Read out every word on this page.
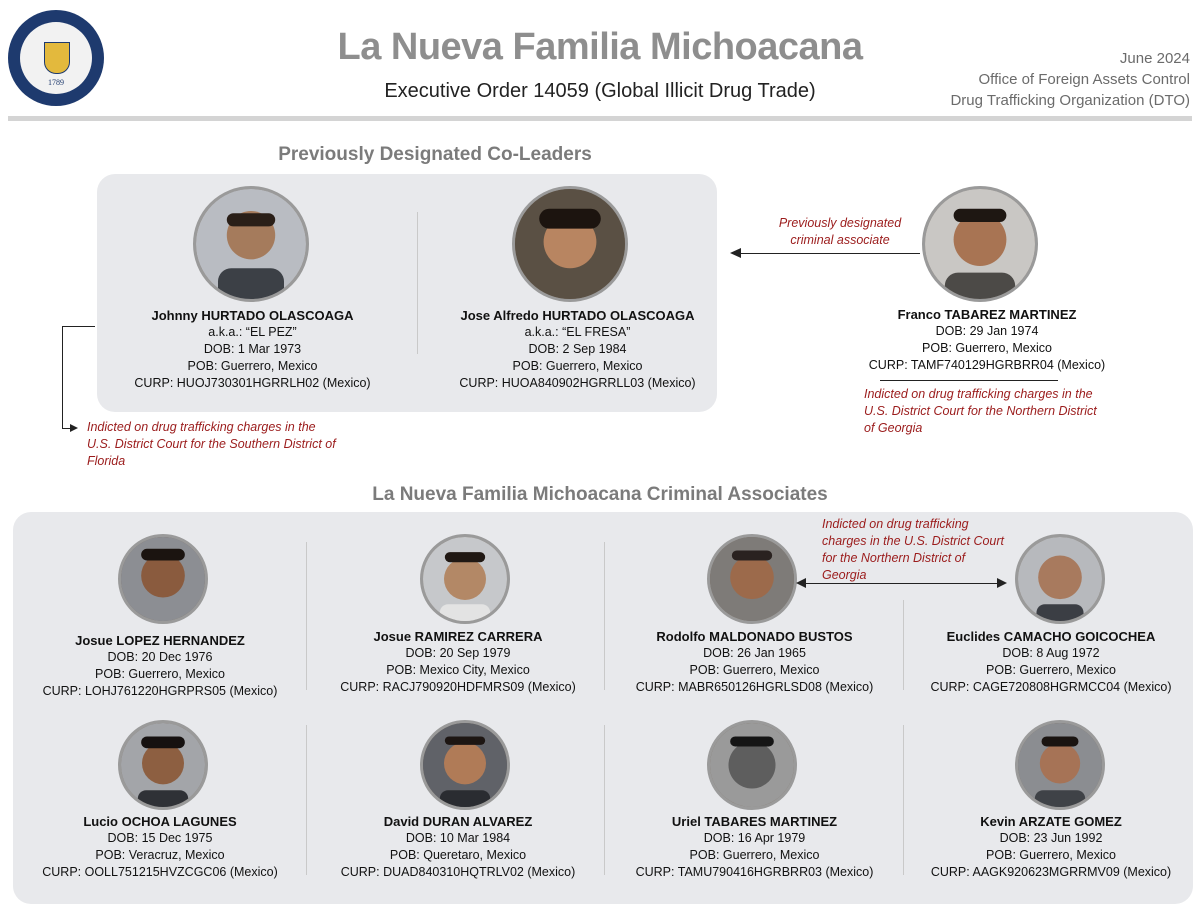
1789
La Nueva Familia Michoacana
Executive Order 14059 (Global Illicit Drug Trade)
June 2024
Office of Foreign Assets Control
Drug Trafficking Organization (DTO)
Previously Designated Co-Leaders
Johnny HURTADO OLASCOAGA
a.k.a.: “EL PEZ”
DOB: 1 Mar 1973
POB: Guerrero, Mexico
CURP: HUOJ730301HGRRLH02 (Mexico)
Jose Alfredo HURTADO OLASCOAGA
a.k.a.: “EL FRESA”
DOB: 2 Sep 1984
POB: Guerrero, Mexico
CURP: HUOA840902HGRRLL03 (Mexico)
Previously designated
criminal associate
Franco TABAREZ MARTINEZ
DOB: 29 Jan 1974
POB: Guerrero, Mexico
CURP: TAMF740129HGRBRR04 (Mexico)
Indicted on drug trafficking charges in the
U.S. District Court for the Northern District
of Georgia
Indicted on drug trafficking charges in the
U.S. District Court for the Southern District of
Florida
La Nueva Familia Michoacana Criminal Associates
Indicted on drug trafficking
charges in the U.S. District Court
for the Northern District of
Georgia
Josue LOPEZ HERNANDEZ
DOB: 20 Dec 1976
POB: Guerrero, Mexico
CURP: LOHJ761220HGRPRS05 (Mexico)
Josue RAMIREZ CARRERA
DOB: 20 Sep 1979
POB: Mexico City, Mexico
CURP: RACJ790920HDFMRS09 (Mexico)
Rodolfo MALDONADO BUSTOS
DOB: 26 Jan 1965
POB: Guerrero, Mexico
CURP: MABR650126HGRLSD08 (Mexico)
Euclides CAMACHO GOICOCHEA
DOB: 8 Aug 1972
POB: Guerrero, Mexico
CURP: CAGE720808HGRMCC04 (Mexico)
Lucio OCHOA LAGUNES
DOB: 15 Dec 1975
POB: Veracruz, Mexico
CURP: OOLL751215HVZCGC06 (Mexico)
David DURAN ALVAREZ
DOB: 10 Mar 1984
POB: Queretaro, Mexico
CURP: DUAD840310HQTRLV02 (Mexico)
Uriel TABARES MARTINEZ
DOB: 16 Apr 1979
POB: Guerrero, Mexico
CURP: TAMU790416HGRBRR03 (Mexico)
Kevin ARZATE GOMEZ
DOB: 23 Jun 1992
POB: Guerrero, Mexico
CURP: AAGK920623MGRRMV09 (Mexico)
